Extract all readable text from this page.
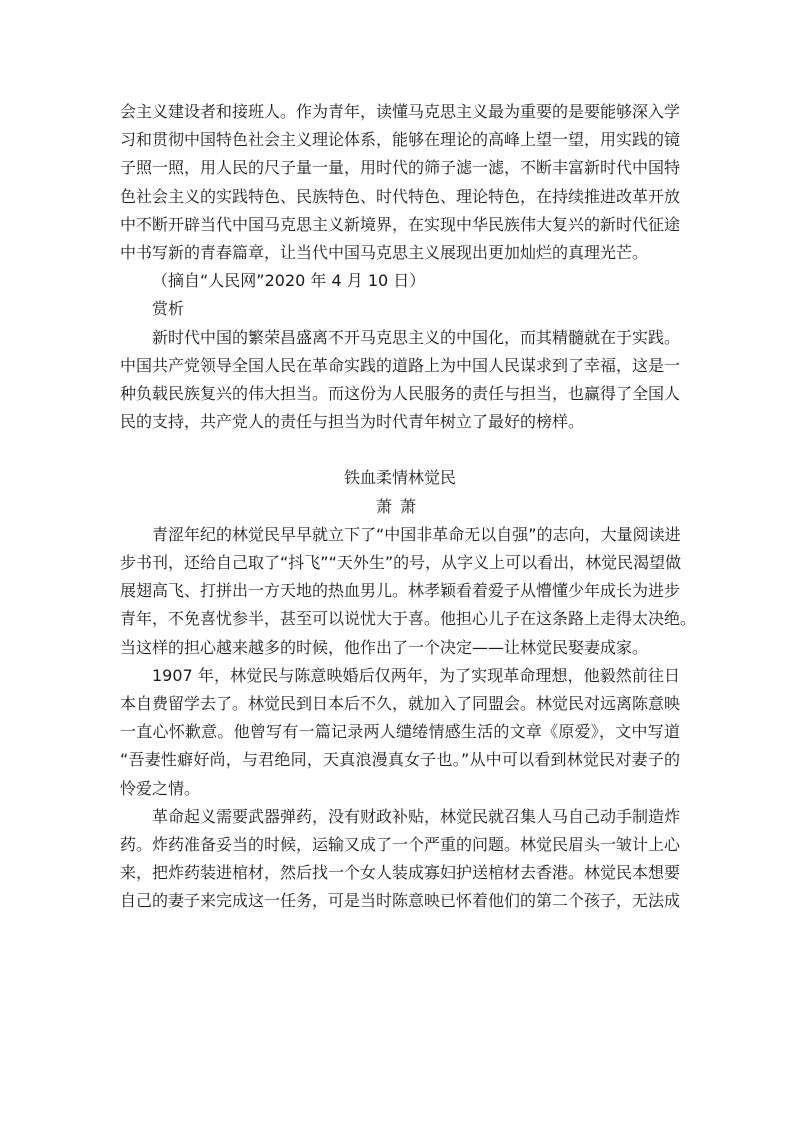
会主义建设者和接班人。作为青年，读懂马克思主义最为重要的是要能够深入学
习和贯彻中国特色社会主义理论体系，能够在理论的高峰上望一望，用实践的镜
子照一照，用人民的尺子量一量，用时代的筛子滤一滤，不断丰富新时代中国特
色社会主义的实践特色、民族特色、时代特色、理论特色，在持续推进改革开放
中不断开辟当代中国马克思主义新境界，在实现中华民族伟大复兴的新时代征途
中书写新的青春篇章，让当代中国马克思主义展现出更加灿烂的真理光芒。
（摘自“人民网”2020 年 4 月 10 日）
赏析
新时代中国的繁荣昌盛离不开马克思主义的中国化，而其精髓就在于实践。
中国共产党领导全国人民在革命实践的道路上为中国人民谋求到了幸福，这是一
种负载民族复兴的伟大担当。而这份为人民服务的责任与担当，也赢得了全国人
民的支持，共产党人的责任与担当为时代青年树立了最好的榜样。

铁血柔情林觉民

萧萧

青涩年纪的林觉民早早就立下了“中国非革命无以自强”的志向，大量阅读进
步书刊，还给自己取了“抖飞”“天外生”的号，从字义上可以看出，林觉民渴望做
展翅高飞、打拼出一方天地的热血男儿。林孝颖看着爱子从懵懂少年成长为进步
青年，不免喜忧参半，甚至可以说忧大于喜。他担心儿子在这条路上走得太决绝。
当这样的担心越来越多的时候，他作出了一个决定——让林觉民娶妻成家。
1907 年，林觉民与陈意映婚后仅两年，为了实现革命理想，他毅然前往日
本自费留学去了。林觉民到日本后不久，就加入了同盟会。林觉民对远离陈意映
一直心怀歉意。他曾写有一篇记录两人缱绻情感生活的文章《原爱》，文中写道
“吾妻性癖好尚，与君绝同，天真浪漫真女子也。”从中可以看到林觉民对妻子的
怜爱之情。
革命起义需要武器弹药，没有财政补贴，林觉民就召集人马自己动手制造炸
药。炸药准备妥当的时候，运输又成了一个严重的问题。林觉民眉头一皱计上心
来，把炸药装进棺材，然后找一个女人装成寡妇护送棺材去香港。林觉民本想要
自己的妻子来完成这一任务，可是当时陈意映已怀着他们的第二个孩子，无法成
